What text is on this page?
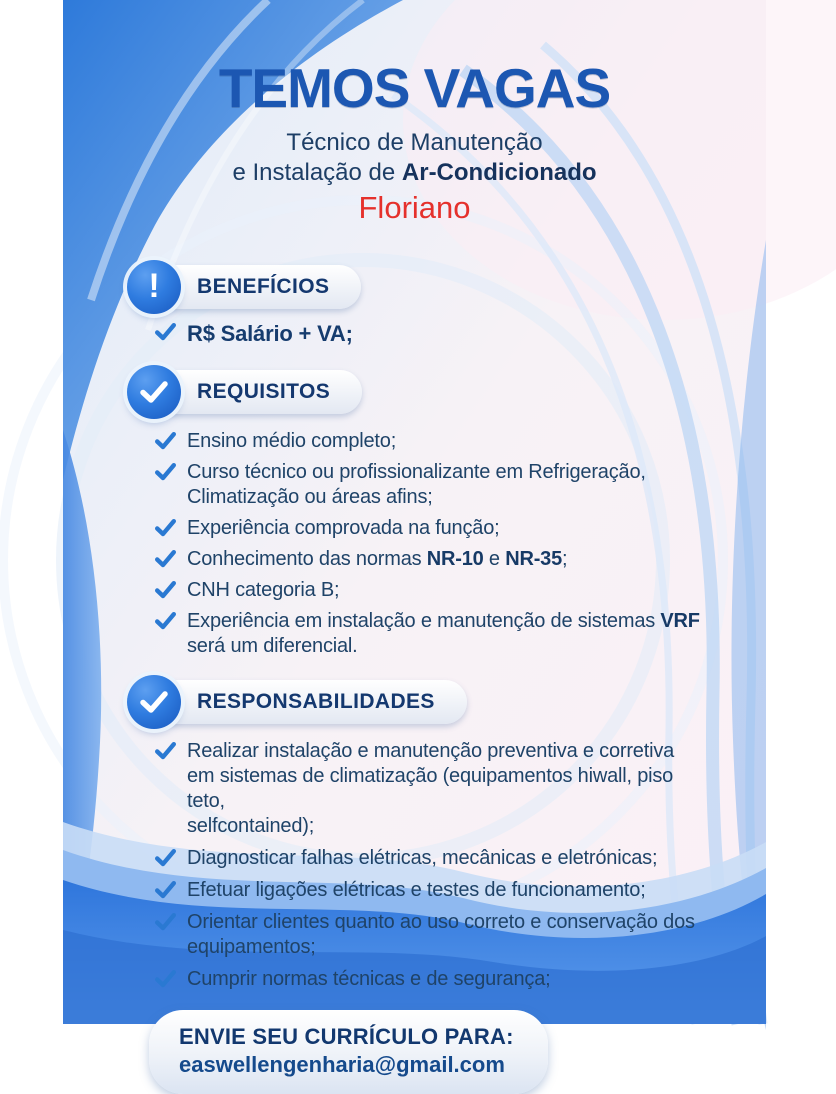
TEMOS VAGAS
Técnico de Manutenção
e Instalação de Ar-Condicionado
Floriano
! BENEFÍCIOS
R$ Salário + VA;
REQUISITOS
Ensino médio completo;
Curso técnico ou profissionalizante em Refrigeração,
Climatização ou áreas afins;
Experiência comprovada na função;
Conhecimento das normas NR-10 e NR-35;
CNH categoria B;
Experiência em instalação e manutenção de sistemas VRF
será um diferencial.
RESPONSABILIDADES
Realizar instalação e manutenção preventiva e corretiva
em sistemas de climatização (equipamentos hiwall, piso teto,
selfcontained);
Diagnosticar falhas elétricas, mecânicas e eletrónicas;
Efetuar ligações elétricas e testes de funcionamento;
Orientar clientes quanto ao uso correto e conservação dos
equipamentos;
Cumprir normas técnicas e de segurança;
ENVIE SEU CURRÍCULO PARA:
easwellengenharia@gmail.com
